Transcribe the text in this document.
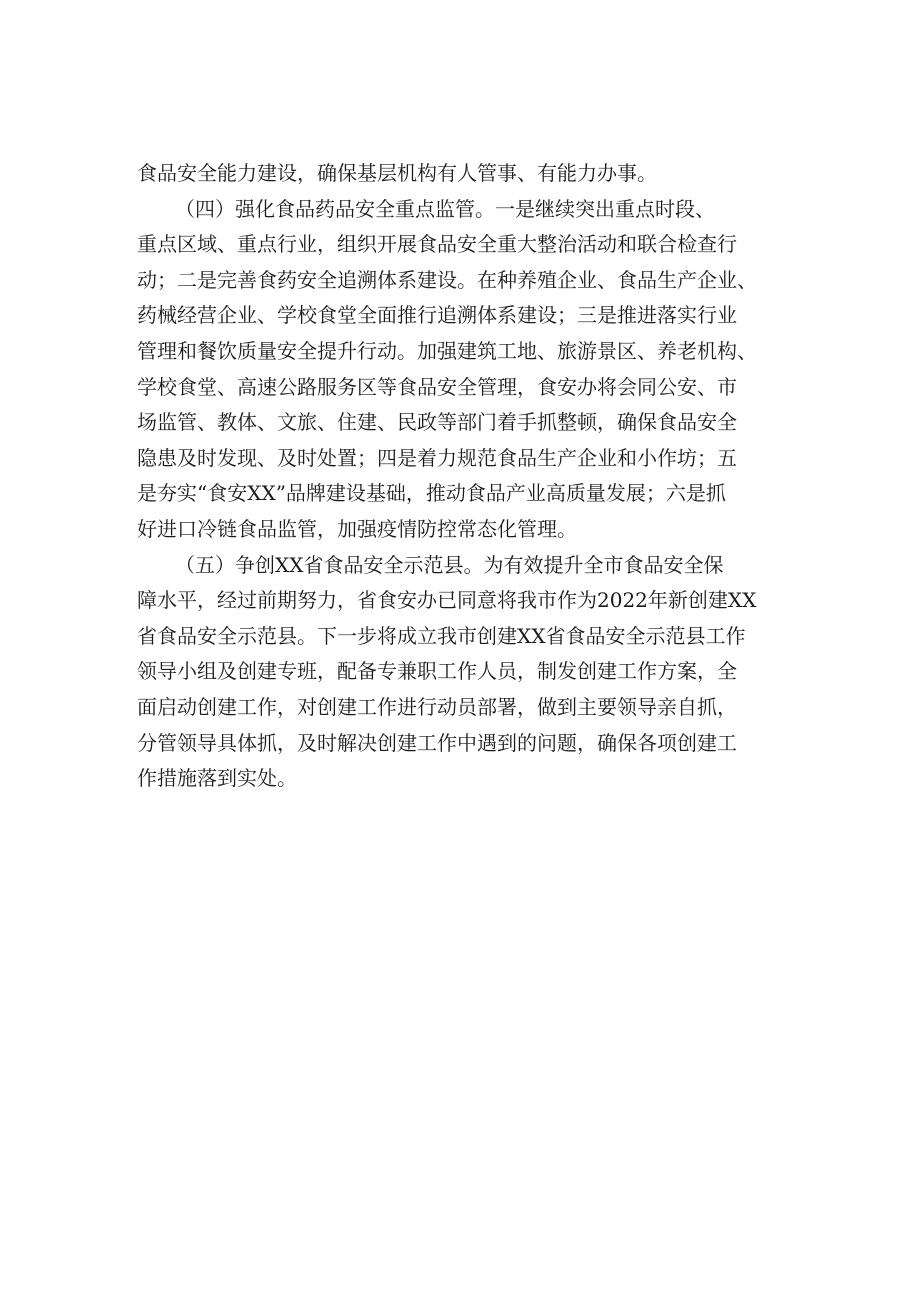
食品安全能力建设，确保基层机构有人管事、有能力办事。
（四）强化食品药品安全重点监管。一是继续突出重点时段、
重点区域、重点行业，组织开展食品安全重大整治活动和联合检查行
动；二是完善食药安全追溯体系建设。在种养殖企业、食品生产企业、
药械经营企业、学校食堂全面推行追溯体系建设；三是推进落实行业
管理和餐饮质量安全提升行动。加强建筑工地、旅游景区、养老机构、
学校食堂、高速公路服务区等食品安全管理，食安办将会同公安、市
场监管、教体、文旅、住建、民政等部门着手抓整顿，确保食品安全
隐患及时发现、及时处置；四是着力规范食品生产企业和小作坊；五
是夯实“食安XX”品牌建设基础，推动食品产业高质量发展；六是抓
好进口冷链食品监管，加强疫情防控常态化管理。
（五）争创XX省食品安全示范县。为有效提升全市食品安全保
障水平，经过前期努力，省食安办已同意将我市作为2022年新创建XX
省食品安全示范县。下一步将成立我市创建XX省食品安全示范县工作
领导小组及创建专班，配备专兼职工作人员，制发创建工作方案，全
面启动创建工作，对创建工作进行动员部署，做到主要领导亲自抓，
分管领导具体抓，及时解决创建工作中遇到的问题，确保各项创建工
作措施落到实处。
